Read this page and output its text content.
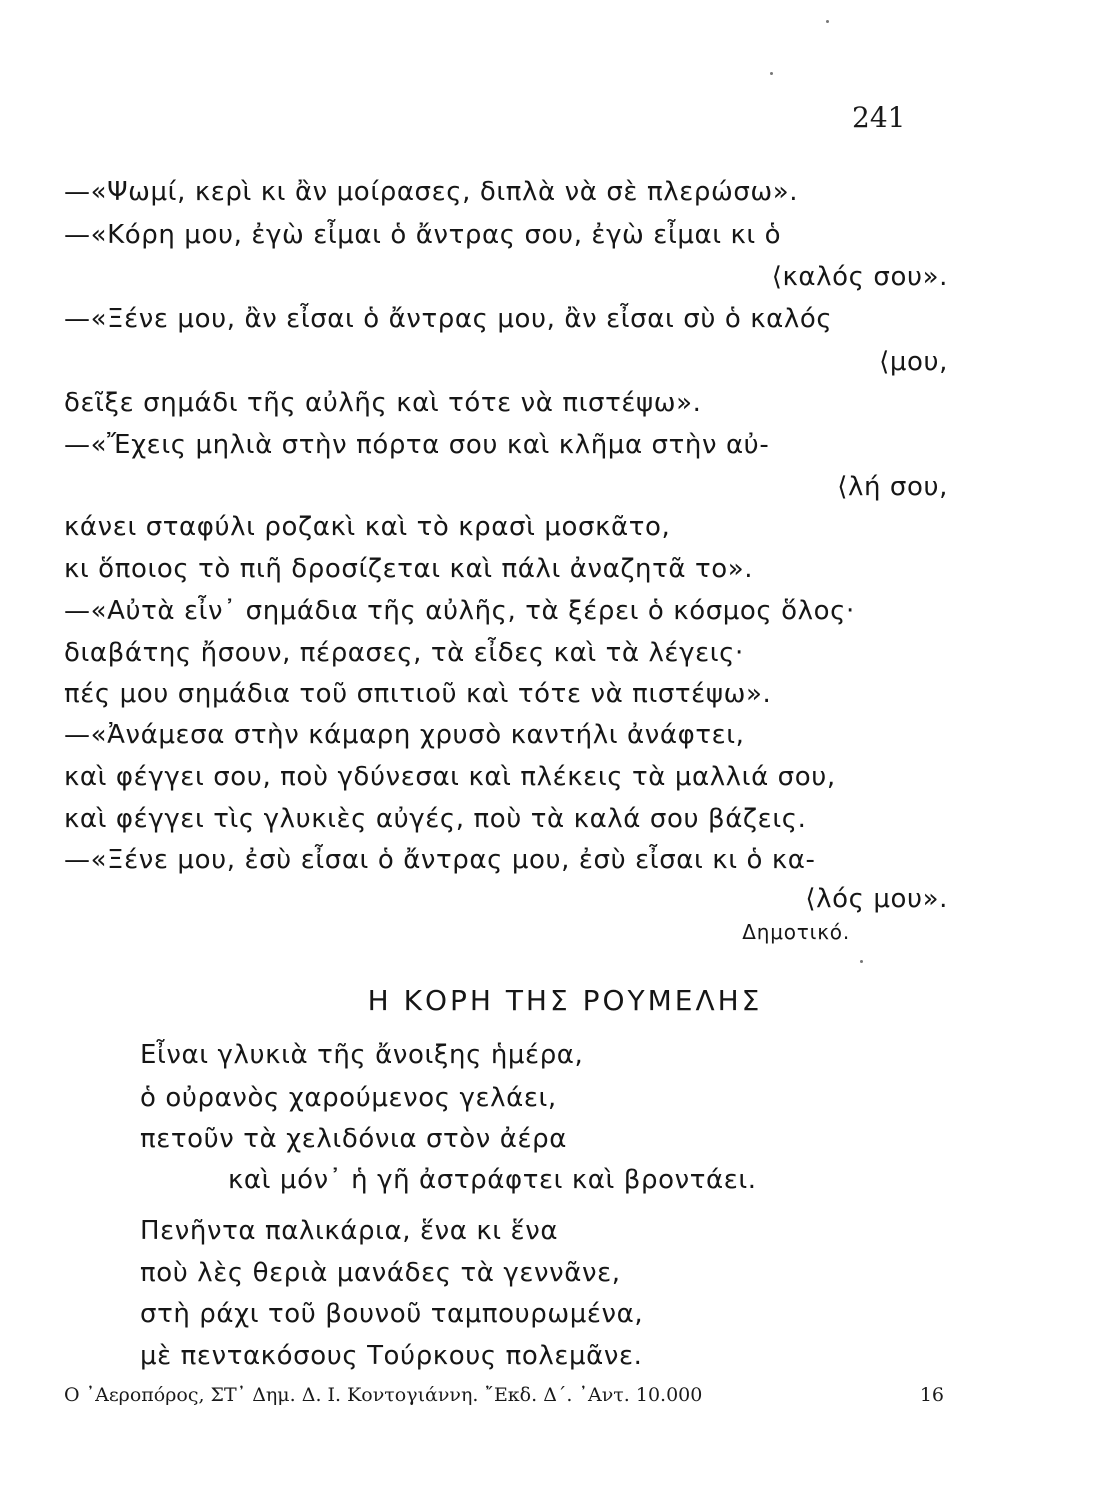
241
—«Ψωμί, κερὶ κι ἂν μοίρασες, διπλὰ νὰ σὲ πλερώσω».
—«Κόρη μου, ἐγὼ εἶμαι ὁ ἄντρας σου, ἐγὼ εἶμαι κι ὁ
⟨καλός σου».
—«Ξένε μου, ἂν εἶσαι ὁ ἄντρας μου, ἂν εἶσαι σὺ ὁ καλός
⟨μου,
δεῖξε σημάδι τῆς αὐλῆς καὶ τότε νὰ πιστέψω».
—«Ἔχεις μηλιὰ στὴν πόρτα σου καὶ κλῆμα στὴν αὐ-
⟨λή σου,
κάνει σταφύλι ροζακὶ καὶ τὸ κρασὶ μοσκᾶτο,
κι ὅποιος τὸ πιῆ δροσίζεται καὶ πάλι ἀναζητᾶ το».
—«Αὐτὰ εἶν᾽ σημάδια τῆς αὐλῆς, τὰ ξέρει ὁ κόσμος ὅλος·
διαβάτης ἤσουν, πέρασες, τὰ εἶδες καὶ τὰ λέγεις·
πές μου σημάδια τοῦ σπιτιοῦ καὶ τότε νὰ πιστέψω».
—«Ἀνάμεσα στὴν κάμαρη χρυσὸ καντήλι ἀνάφτει,
καὶ φέγγει σου, ποὺ γδύνεσαι καὶ πλέκεις τὰ μαλλιά σου,
καὶ φέγγει τὶς γλυκιὲς αὐγές, ποὺ τὰ καλά σου βάζεις.
—«Ξένε μου, ἐσὺ εἶσαι ὁ ἄντρας μου, ἐσὺ εἶσαι κι ὁ κα-
⟨λός μου».
Δημοτικό.
Η ΚΟΡΗ ΤΗΣ ΡΟΥΜΕΛΗΣ
Εἶναι γλυκιὰ τῆς ἄνοιξης ἡμέρα,
ὁ οὐρανὸς χαρούμενος γελάει,
πετοῦν τὰ χελιδόνια στὸν ἀέρα
καὶ μόν᾽ ἡ γῆ ἀστράφτει καὶ βροντάει.
Πενῆντα παλικάρια, ἕνα κι ἕνα
ποὺ λὲς θεριὰ μανάδες τὰ γεννᾶνε,
στὴ ράχι τοῦ βουνοῦ ταμπουρωμένα,
μὲ πεντακόσους Τούρκους πολεμᾶνε.
Ο ᾿Αεροπόρος, ΣΤ᾽ Δημ. Δ. Ι. Κοντογιάννη. ῎Εκδ. Δ΄. ᾿Αντ. 10.000	16
